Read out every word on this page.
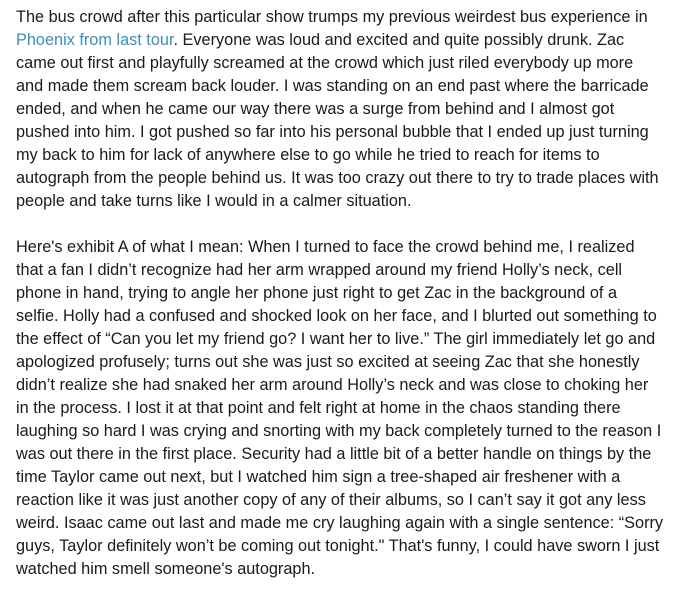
The bus crowd after this particular show trumps my previous weirdest bus experience in Phoenix from last tour. Everyone was loud and excited and quite possibly drunk. Zac came out first and playfully screamed at the crowd which just riled everybody up more and made them scream back louder. I was standing on an end past where the barricade ended, and when he came our way there was a surge from behind and I almost got pushed into him. I got pushed so far into his personal bubble that I ended up just turning my back to him for lack of anywhere else to go while he tried to reach for items to autograph from the people behind us. It was too crazy out there to try to trade places with people and take turns like I would in a calmer situation.

Here's exhibit A of what I mean: When I turned to face the crowd behind me, I realized that a fan I didn’t recognize had her arm wrapped around my friend Holly’s neck, cell phone in hand, trying to angle her phone just right to get Zac in the background of a selfie. Holly had a confused and shocked look on her face, and I blurted out something to the effect of “Can you let my friend go? I want her to live.” The girl immediately let go and apologized profusely; turns out she was just so excited at seeing Zac that she honestly didn’t realize she had snaked her arm around Holly’s neck and was close to choking her in the process. I lost it at that point and felt right at home in the chaos standing there laughing so hard I was crying and snorting with my back completely turned to the reason I was out there in the first place. Security had a little bit of a better handle on things by the time Taylor came out next, but I watched him sign a tree-shaped air freshener with a reaction like it was just another copy of any of their albums, so I can’t say it got any less weird. Isaac came out last and made me cry laughing again with a single sentence: “Sorry guys, Taylor definitely won’t be coming out tonight." That's funny, I could have sworn I just watched him smell someone's autograph.
